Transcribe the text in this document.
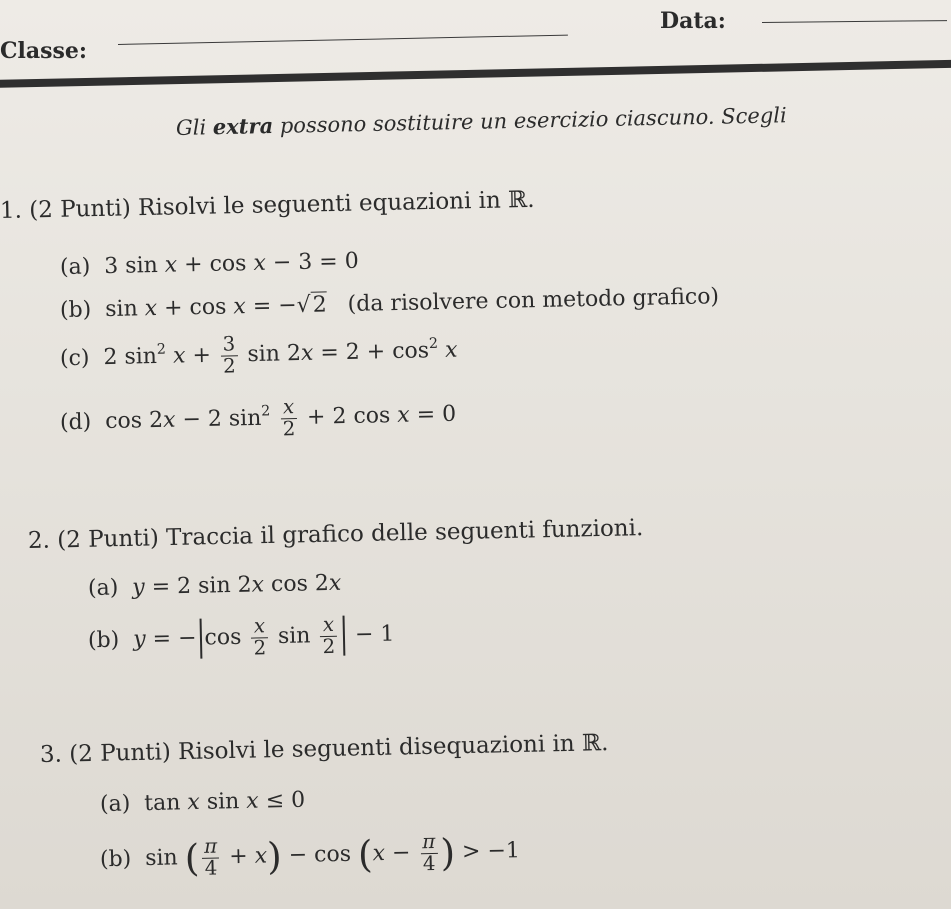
Classe:
Data:
Gli extra possono sostituire un esercizio ciascuno. Scegli
1. (2 Punti) Risolvi le seguenti equazioni in ℝ.
(a)  3 sin x + cos x − 3 = 0
(b)  sin x + cos x = −√2 (da risolvere con metodo grafico)
(c)  2 $\sin^2 x + \frac{3}{2}$ $\sin 2x = 2 + \cos^2 x$
(d)  cos 2x − 2 $\sin^2 \frac{x}{2} + 2$ cos x = 0
2. (2 Punti) Traccia il grafico delle seguenti funzioni.
(a) y = 2 sin 2x cos 2x
(b) y = − $\cos \frac{x}{2}$ $\sin \frac{x}{2} - 1$
3. (2 Punti) Risolvi le seguenti disequazioni in ℝ.
(a)  tan x sin x ≤ 0
(b)  sin ( $\frac{\pi}{4} + x) - \cos (x - \frac{\pi}{4}$ ) > −1
